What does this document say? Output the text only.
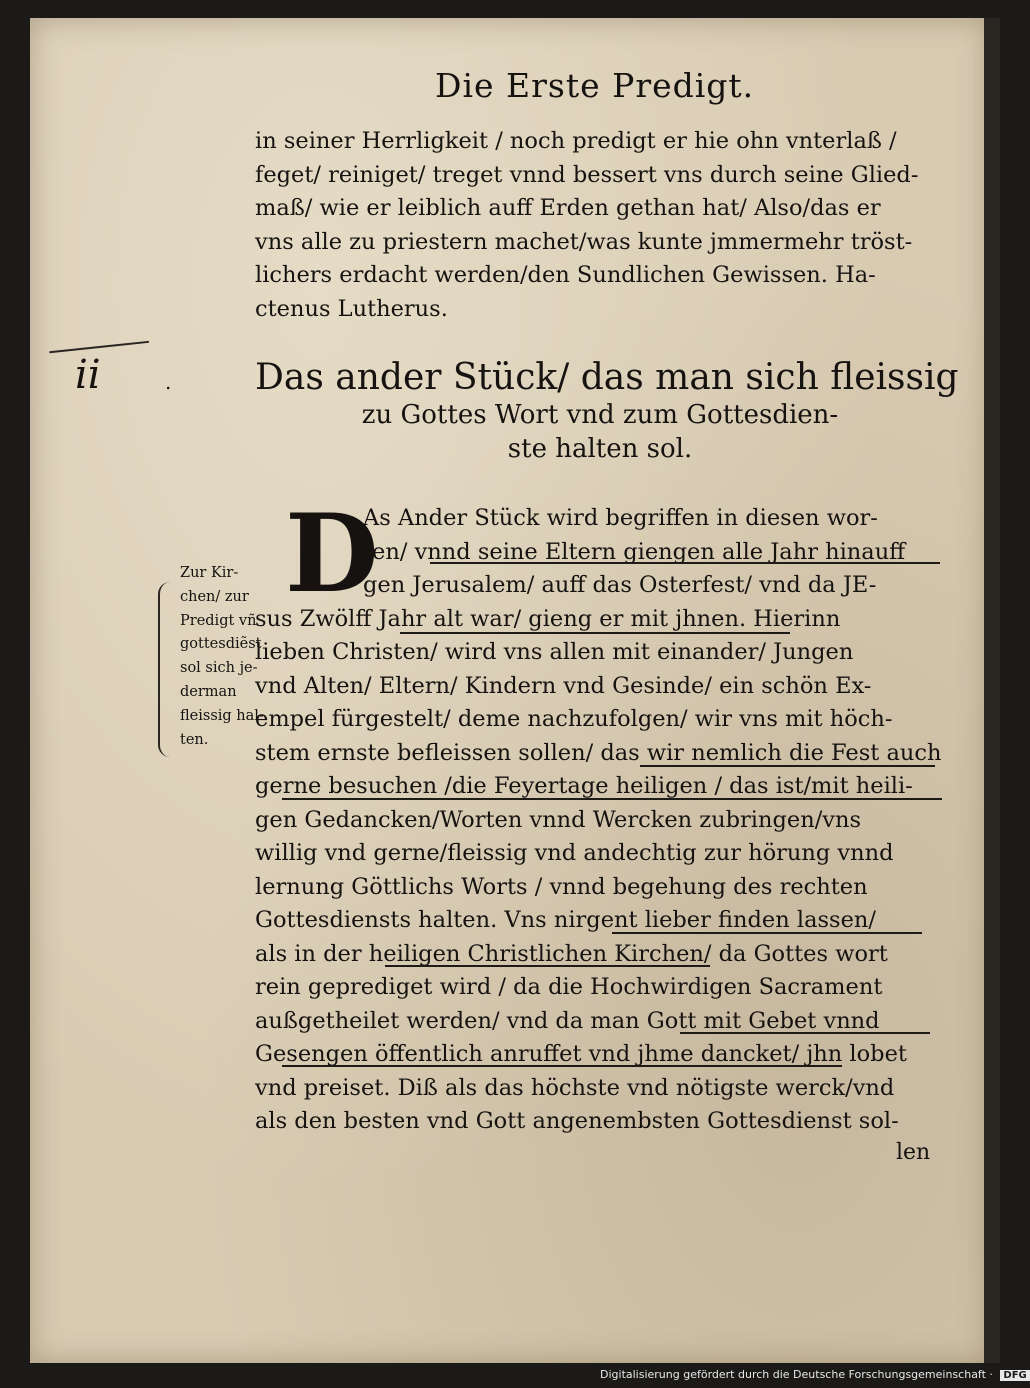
Die Erste Predigt.

in seiner Herrligkeit / noch predigt er hie ohn vnterlaß /

feget/ reiniget/ treget vnnd bessert vns durch seine Glied-

maß/ wie er leiblich auff Erden gethan hat/ Also/das er

vns alle zu priestern machet/was kunte jmmermehr tröst-

lichers erdacht werden/den Sundlichen Gewissen. Ha-

ctenus Lutherus.

ii	. Das ander Stück/ das man sich fleissig
zu Gottes Wort vnd zum Gottesdien-
ste halten sol.
D

As Ander Stück wird begriffen in diesen wor-

ten/ vnnd seine Eltern giengen alle Jahr hinauff

gen Jerusalem/ auff das Osterfest/ vnd da JE-

sus Zwölff Jahr alt war/ gieng er mit jhnen. Hierinn

lieben Christen/ wird vns allen mit einander/ Jungen

vnd Alten/ Eltern/ Kindern vnd Gesinde/ ein schön Ex-

empel fürgestelt/ deme nachzufolgen/ wir vns mit höch-

stem ernste befleissen sollen/ das wir nemlich die Fest auch

gerne besuchen /die Feyertage heiligen / das ist/mit heili-

gen Gedancken/Worten vnnd Wercken zubringen/vns

willig vnd gerne/fleissig vnd andechtig zur hörung vnnd

lernung Göttlichs Worts / vnnd begehung des rechten

Gottesdiensts halten. Vns nirgent lieber finden lassen/

als in der heiligen Christlichen Kirchen/ da Gottes wort

rein geprediget wird / da die Hochwirdigen Sacrament

außgetheilet werden/ vnd da man Gott mit Gebet vnnd

Gesengen öffentlich anruffet vnd jhme dancket/ jhn lobet

vnd preiset. Diß als das höchste vnd nötigste werck/vnd

als den besten vnd Gott angenembsten Gottesdienst sol-

Zur Kir-

chen/ zur

Predigt vñ

gottesdiẽst

sol sich je-

derman

fleissig hal-

ten.

len
Digitalisierung gefördert durch die Deutsche Forschungsgemeinschaft · DFG
